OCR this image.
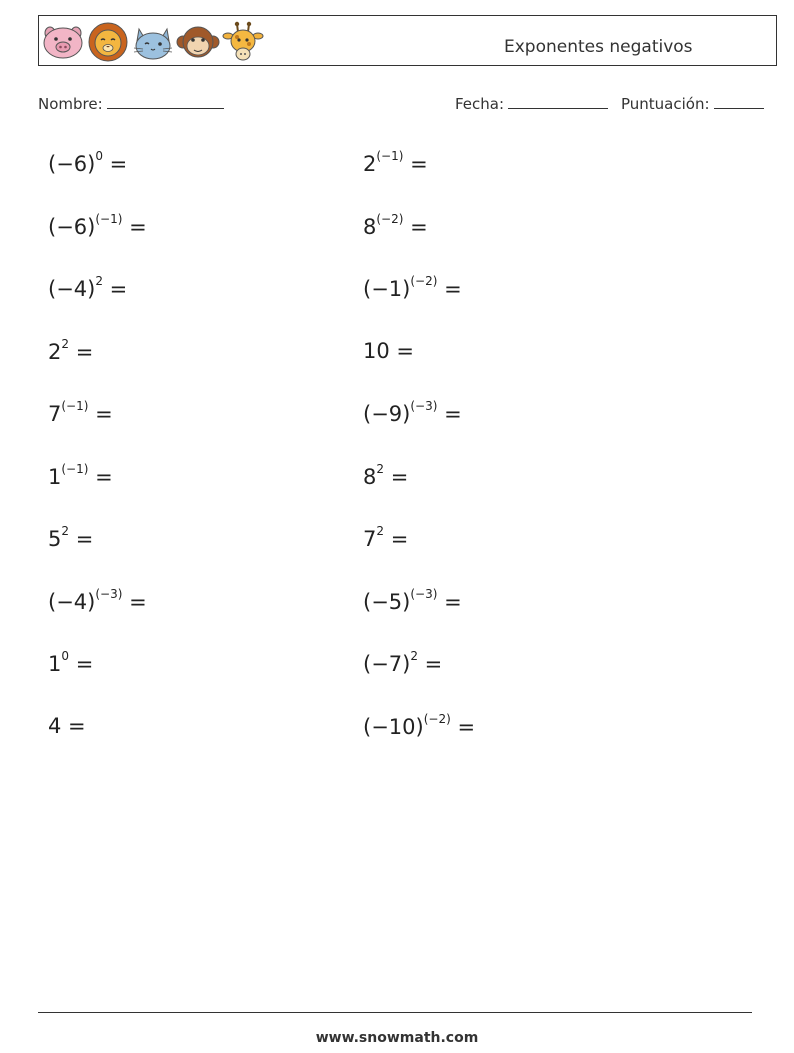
Exponentes negativos
Nombre:	Fecha:	Puntuación:
$(-6)^0$ =
$(-6)^{(-1)}$ =
$(-4)^2$ =
$2^2$ =
$7^{(-1)}$ =
$1^{(-1)}$ =
$5^2$ =
$(-4)^{(-3)}$ =
$1^0$ =
4 =
$2^{(-1)}$ =
$8^{(-2)}$ =
$(-1)^{(-2)}$ =
10 =
$(-9)^{(-3)}$ =
$8^2$ =
$7^2$ =
$(-5)^{(-3)}$ =
$(-7)^2$ =
$(-10)^{(-2)}$ =
www.snowmath.com
